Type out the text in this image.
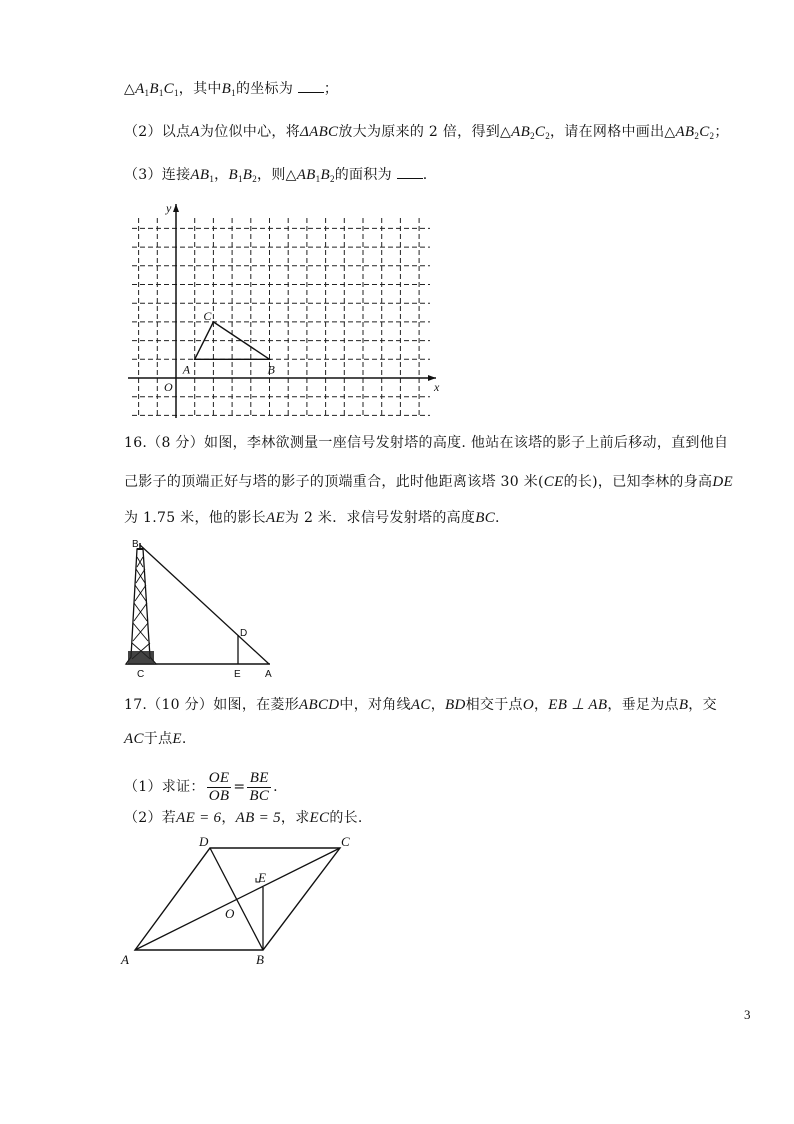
$\triangle A_1B_1C_1$，其中$B_1$的坐标为 ；
（2）以点A为位似中心，将ΔABC放大为原来的 2 倍，得到$\triangle AB_2C_2$，请在网格中画出$\triangle AB_2C_2$；
（3）连接$AB_1$，$B_1B_2$，则$\triangle AB_1B_2$的面积为 .
x
y
O
A	B
C
16.（8 分）如图，李林欲测量一座信号发射塔的高度. 他站在该塔的影子上前后移动，直到他自
己影子的顶端正好与塔的影子的顶端重合，此时他距离该塔 30 米(CE的长)，已知李林的身高DE
为 1.75 米，他的影长AE为 2 米．求信号发射塔的高度BC.
B
D
C	E A
17.（10 分）如图，在菱形ABCD中，对角线AC，BD相交于点O，EB ⊥ AB，垂足为点B，交
AC于点E.
（1）求证： $\frac{OE}{OB} = \frac{BE}{BC}$ .
（2）若AE = 6，AB = 5，求EC的长.
D	C
E
O
A	B
3
